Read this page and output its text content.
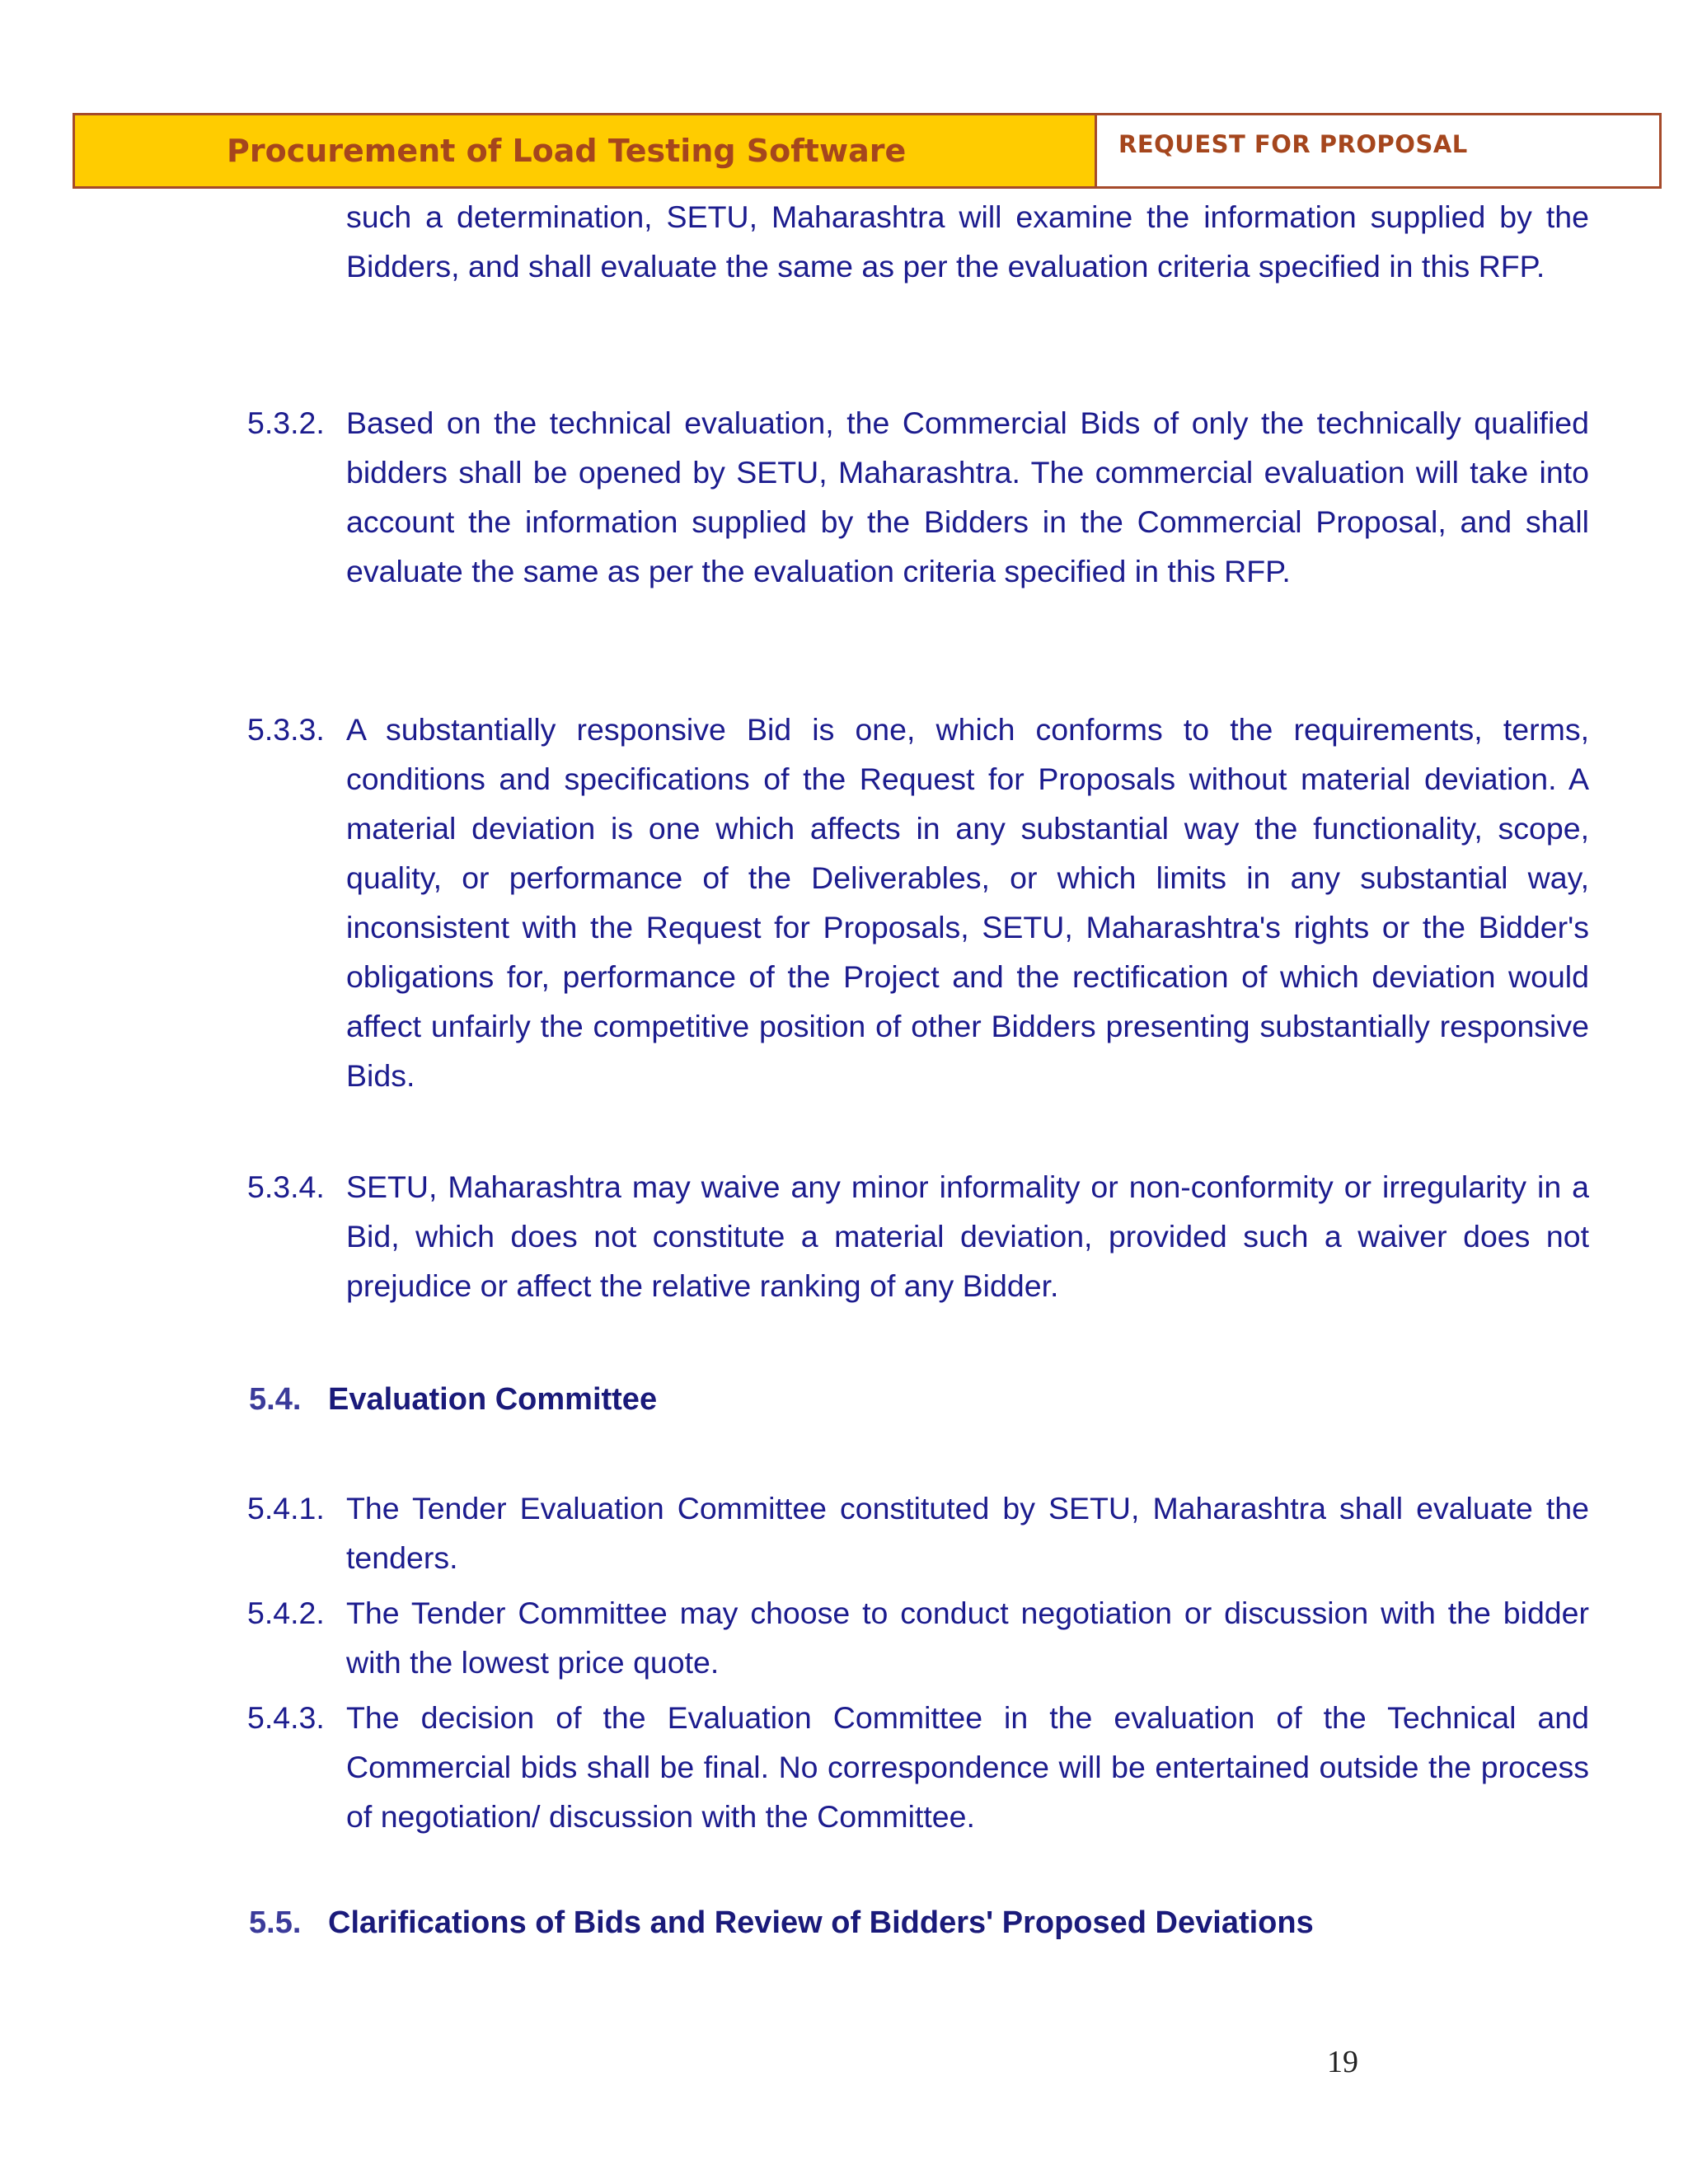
Procurement of Load Testing Software	REQUEST FOR PROPOSAL

such a determination, SETU, Maharashtra will examine the information supplied by the Bidders, and shall evaluate the same as per the evaluation criteria specified in this RFP.

5.3.2. Based on the technical evaluation, the Commercial Bids of only the technically qualified bidders shall be opened by SETU, Maharashtra. The commercial evaluation will take into account the information supplied by the Bidders in the Commercial Proposal, and shall evaluate the same as per the evaluation criteria specified in this RFP.

5.3.3. A substantially responsive Bid is one, which conforms to the requirements, terms, conditions and specifications of the Request for Proposals without material deviation. A material deviation is one which affects in any substantial way the functionality, scope, quality, or performance of the Deliverables, or which limits in any substantial way, inconsistent with the Request for Proposals, SETU, Maharashtra's rights or the Bidder's obligations for, performance of the Project and the rectification of which deviation would affect unfairly the competitive position of other Bidders presenting substantially responsive Bids.

5.3.4. SETU, Maharashtra may waive any minor informality or non-conformity or irregularity in a Bid, which does not constitute a material deviation, provided such a waiver does not prejudice or affect the relative ranking of any Bidder.

5.4. Evaluation Committee

5.4.1. The Tender Evaluation Committee constituted by SETU, Maharashtra shall evaluate the tenders.

5.4.2. The Tender Committee may choose to conduct negotiation or discussion with the bidder with the lowest price quote.

5.4.3. The decision of the Evaluation Committee in the evaluation of the Technical and Commercial bids shall be final. No correspondence will be entertained outside the process of negotiation/ discussion with the Committee.

5.5. Clarifications of Bids and Review of Bidders' Proposed Deviations
19
